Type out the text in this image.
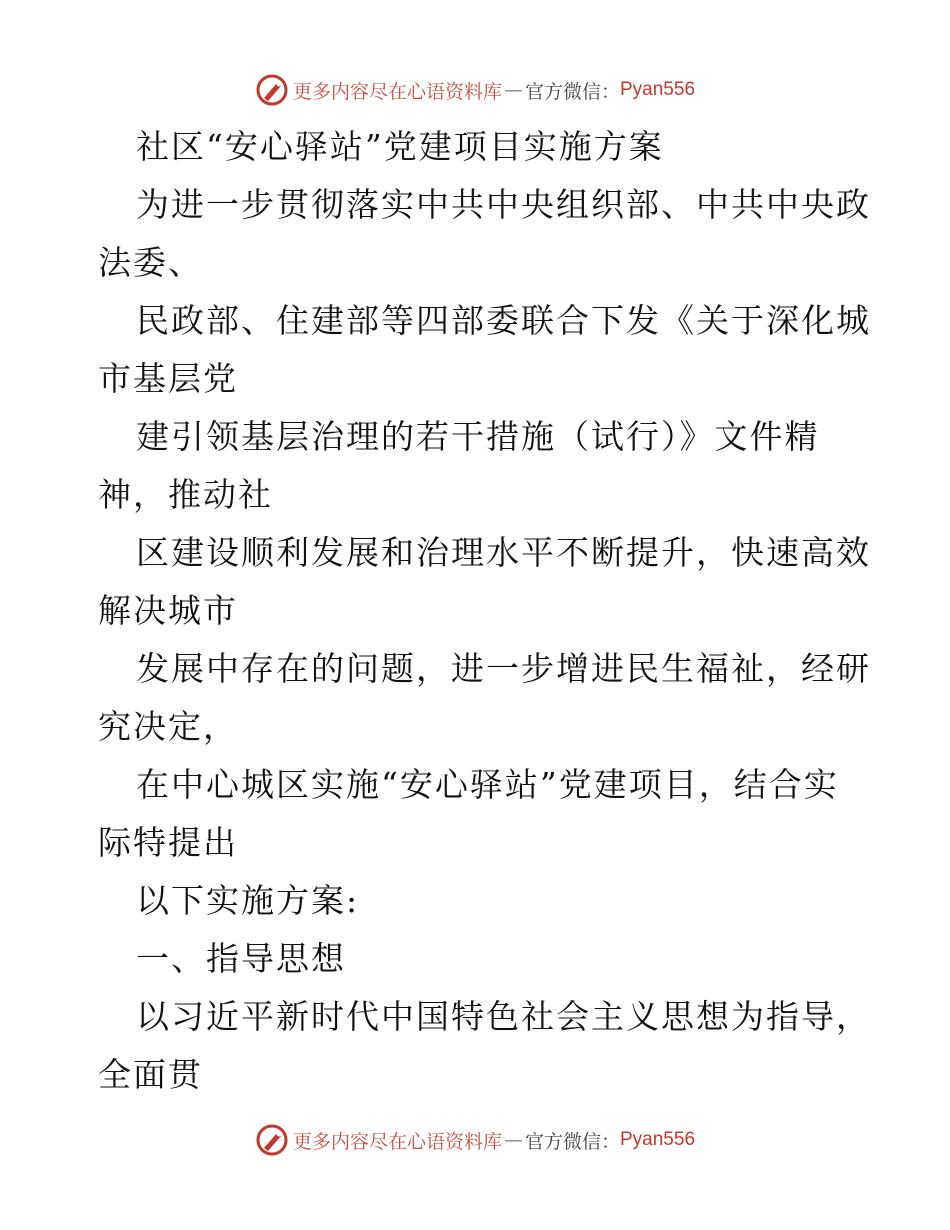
更多内容尽在心语资料库 — 官方微信： Pyan556
社区“安心驿站”党建项目实施方案
为进一步贯彻落实中共中央组织部、中共中央政
法委、
民政部、住建部等四部委联合下发《关于深化城
市基层党
建引领基层治理的若干措施（试行）》文件精
神，推动社
区建设顺利发展和治理水平不断提升，快速高效
解决城市
发展中存在的问题，进一步增进民生福祉，经研
究决定，
在中心城区实施“安心驿站”党建项目，结合实
际特提出
以下实施方案:
一、指导思想
以习近平新时代中国特色社会主义思想为指导，
全面贯
更多内容尽在心语资料库 — 官方微信： Pyan556
